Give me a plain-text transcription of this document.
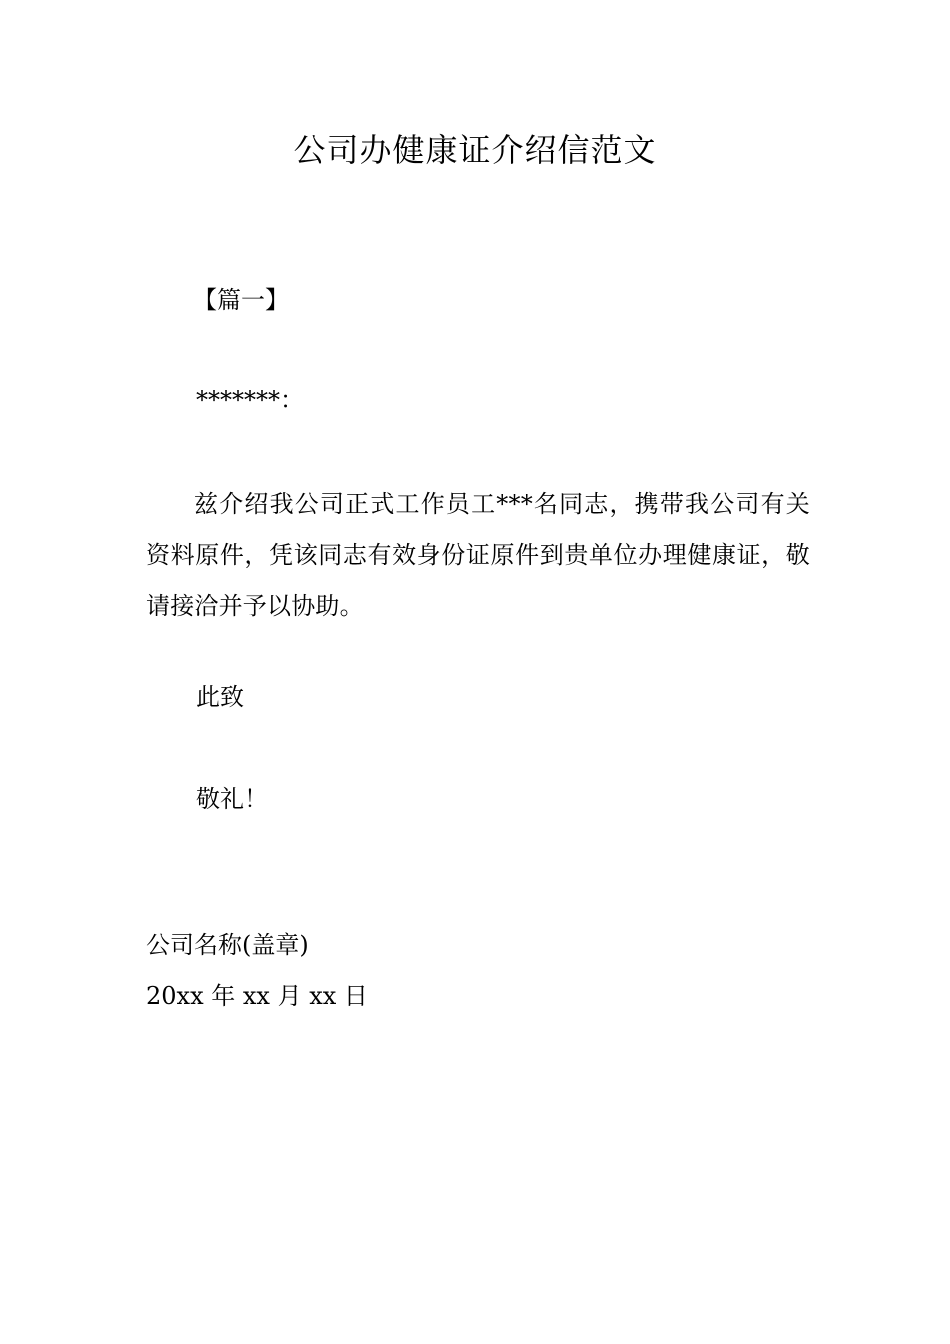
公司办健康证介绍信范文
【篇一】
*******：

兹介绍我公司正式工作员工***名同志，携带我公司有关资料原件，凭该同志有效身份证原件到贵单位办理健康证，敬请接洽并予以协助。

此致
敬礼！
公司名称(盖章)
20xx 年 xx 月 xx 日
